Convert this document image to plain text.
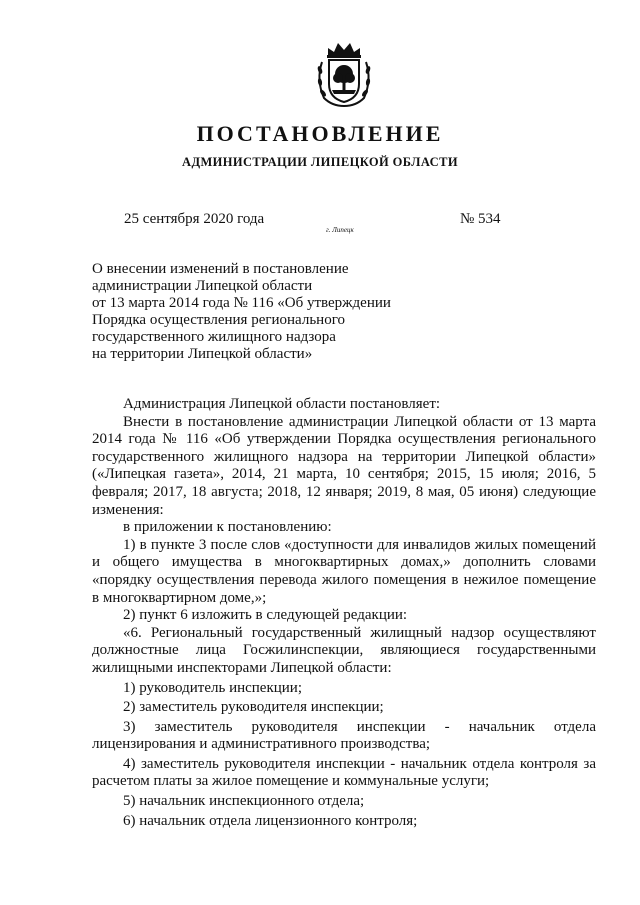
ПОСТАНОВЛЕНИЕ
АДМИНИСТРАЦИИ ЛИПЕЦКОЙ ОБЛАСТИ
25 сентября 2020 года
г. Липецк
№ 534
О внесении изменений в постановление
администрации Липецкой области
от 13 марта 2014 года № 116 «Об утверждении
Порядка осуществления регионального
государственного жилищного надзора
на территории Липецкой области»

Администрация Липецкой области постановляет:

Внести в постановление администрации Липецкой области от 13 марта 2014 года № 116 «Об утверждении Порядка осуществления регионального государственного жилищного надзора на территории Липецкой области» («Липецкая газета», 2014, 21 марта, 10 сентября; 2015, 15 июля; 2016, 5 февраля; 2017, 18 августа; 2018, 12 января; 2019, 8 мая, 05 июня) следующие изменения:

в приложении к постановлению:

1) в пункте 3 после слов «доступности для инвалидов жилых помещений и общего имущества в многоквартирных домах,» дополнить словами «порядку осуществления перевода жилого помещения в нежилое помещение в многоквартирном доме,»;

2) пункт 6 изложить в следующей редакции:

«6. Региональный государственный жилищный надзор осуществляют должностные лица Госжилинспекции, являющиеся государственными жилищными инспекторами Липецкой области:

1) руководитель инспекции;

2) заместитель руководителя инспекции;

3) заместитель руководителя инспекции - начальник отдела лицензирования и административного производства;

4) заместитель руководителя инспекции - начальник отдела контроля за расчетом платы за жилое помещение и коммунальные услуги;

5) начальник инспекционного отдела;

6) начальник отдела лицензионного контроля;
